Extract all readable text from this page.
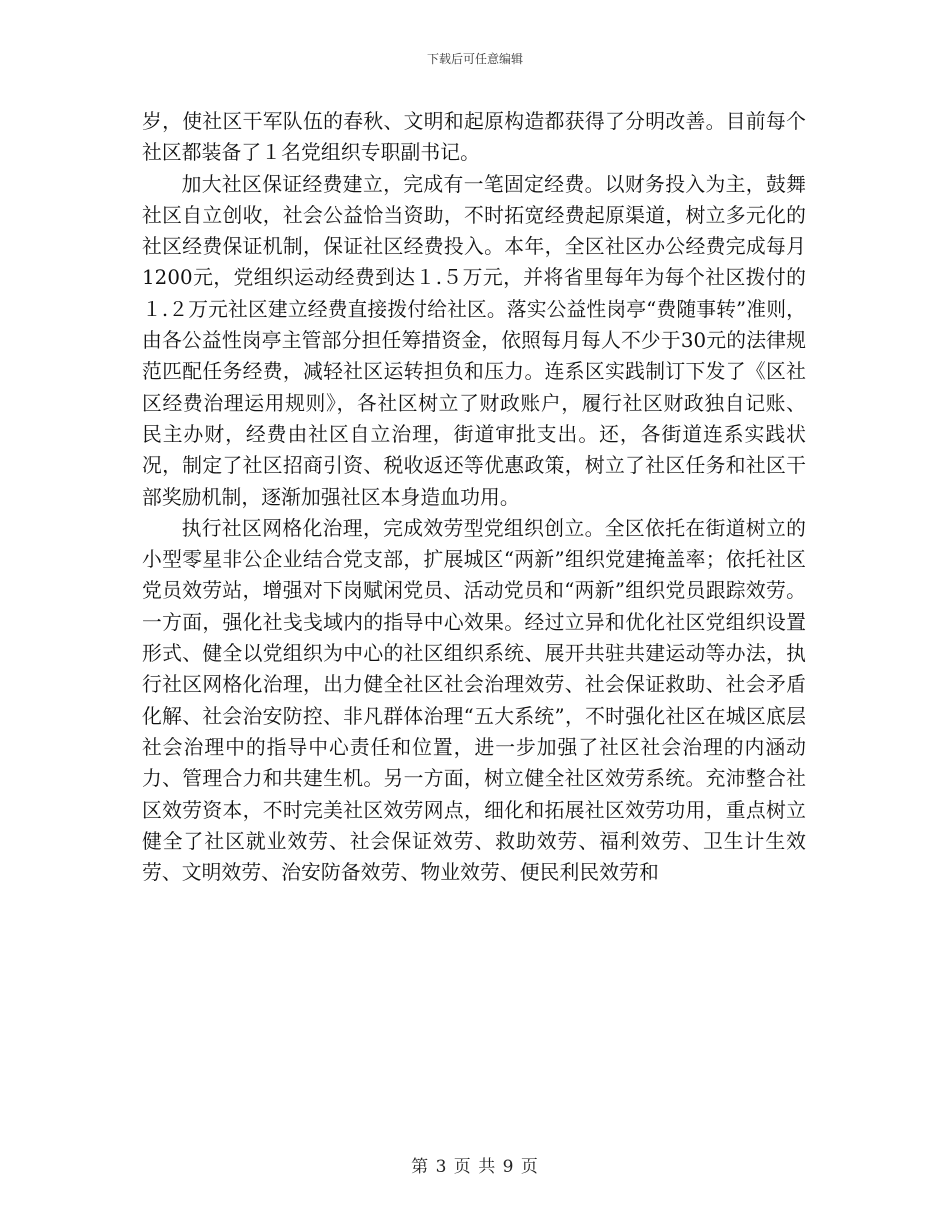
下载后可任意编辑

岁，使社区干军队伍的春秋、文明和起原构造都获得了分明改善。目前每个社区都装备了１名党组织专职副书记。

加大社区保证经费建立，完成有一笔固定经费。以财务投入为主，鼓舞社区自立创收，社会公益恰当资助，不时拓宽经费起原渠道，树立多元化的社区经费保证机制，保证社区经费投入。本年，全区社区办公经费完成每月1200元，党组织运动经费到达１.５万元，并将省里每年为每个社区拨付的１.２万元社区建立经费直接拨付给社区。落实公益性岗亭“费随事转”准则，由各公益性岗亭主管部分担任筹措资金，依照每月每人不少于30元的法律规范匹配任务经费，减轻社区运转担负和压力。连系区实践制订下发了《区社区经费治理运用规则》，各社区树立了财政账户，履行社区财政独自记账、民主办财，经费由社区自立治理，街道审批支出。还，各街道连系实践状况，制定了社区招商引资、税收返还等优惠政策，树立了社区任务和社区干部奖励机制，逐渐加强社区本身造血功用。

执行社区网格化治理，完成效劳型党组织创立。全区依托在街道树立的小型零星非公企业结合党支部，扩展城区“两新”组织党建掩盖率；依托社区党员效劳站，增强对下岗赋闲党员、活动党员和“两新”组织党员跟踪效劳。一方面，强化社戋戋域内的指导中心效果。经过立异和优化社区党组织设置形式、健全以党组织为中心的社区组织系统、展开共驻共建运动等办法，执行社区网格化治理，出力健全社区社会治理效劳、社会保证救助、社会矛盾化解、社会治安防控、非凡群体治理“五大系统”，不时强化社区在城区底层社会治理中的指导中心责任和位置，进一步加强了社区社会治理的内涵动力、管理合力和共建生机。另一方面，树立健全社区效劳系统。充沛整合社区效劳资本，不时完美社区效劳网点，细化和拓展社区效劳功用，重点树立健全了社区就业效劳、社会保证效劳、救助效劳、福利效劳、卫生计生效劳、文明效劳、治安防备效劳、物业效劳、便民利民效劳和

第 3 页 共 9 页
